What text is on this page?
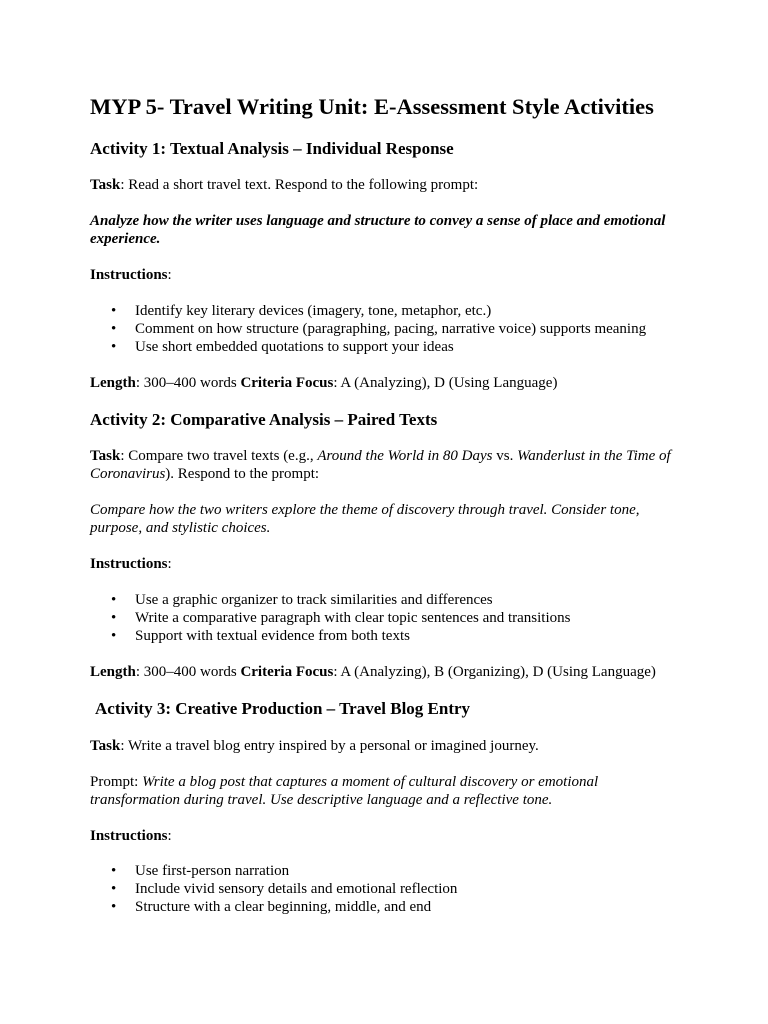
MYP 5- Travel Writing Unit: E-Assessment Style Activities
Activity 1: Textual Analysis – Individual Response

Task: Read a short travel text. Respond to the following prompt:

Analyze how the writer uses language and structure to convey a sense of place and emotional experience.

Instructions:

• Identify key literary devices (imagery, tone, metaphor, etc.)
• Comment on how structure (paragraphing, pacing, narrative voice) supports meaning
• Use short embedded quotations to support your ideas

Length: 300–400 words Criteria Focus: A (Analyzing), D (Using Language)

Activity 2: Comparative Analysis – Paired Texts

Task: Compare two travel texts (e.g., Around the World in 80 Days vs. Wanderlust in the Time of Coronavirus). Respond to the prompt:

Compare how the two writers explore the theme of discovery through travel. Consider tone, purpose, and stylistic choices.

Instructions:

• Use a graphic organizer to track similarities and differences
• Write a comparative paragraph with clear topic sentences and transitions
• Support with textual evidence from both texts

Length: 300–400 words Criteria Focus: A (Analyzing), B (Organizing), D (Using Language)

Activity 3: Creative Production – Travel Blog Entry

Task: Write a travel blog entry inspired by a personal or imagined journey.

Prompt: Write a blog post that captures a moment of cultural discovery or emotional transformation during travel. Use descriptive language and a reflective tone.

Instructions:

• Use first-person narration
• Include vivid sensory details and emotional reflection
• Structure with a clear beginning, middle, and end
